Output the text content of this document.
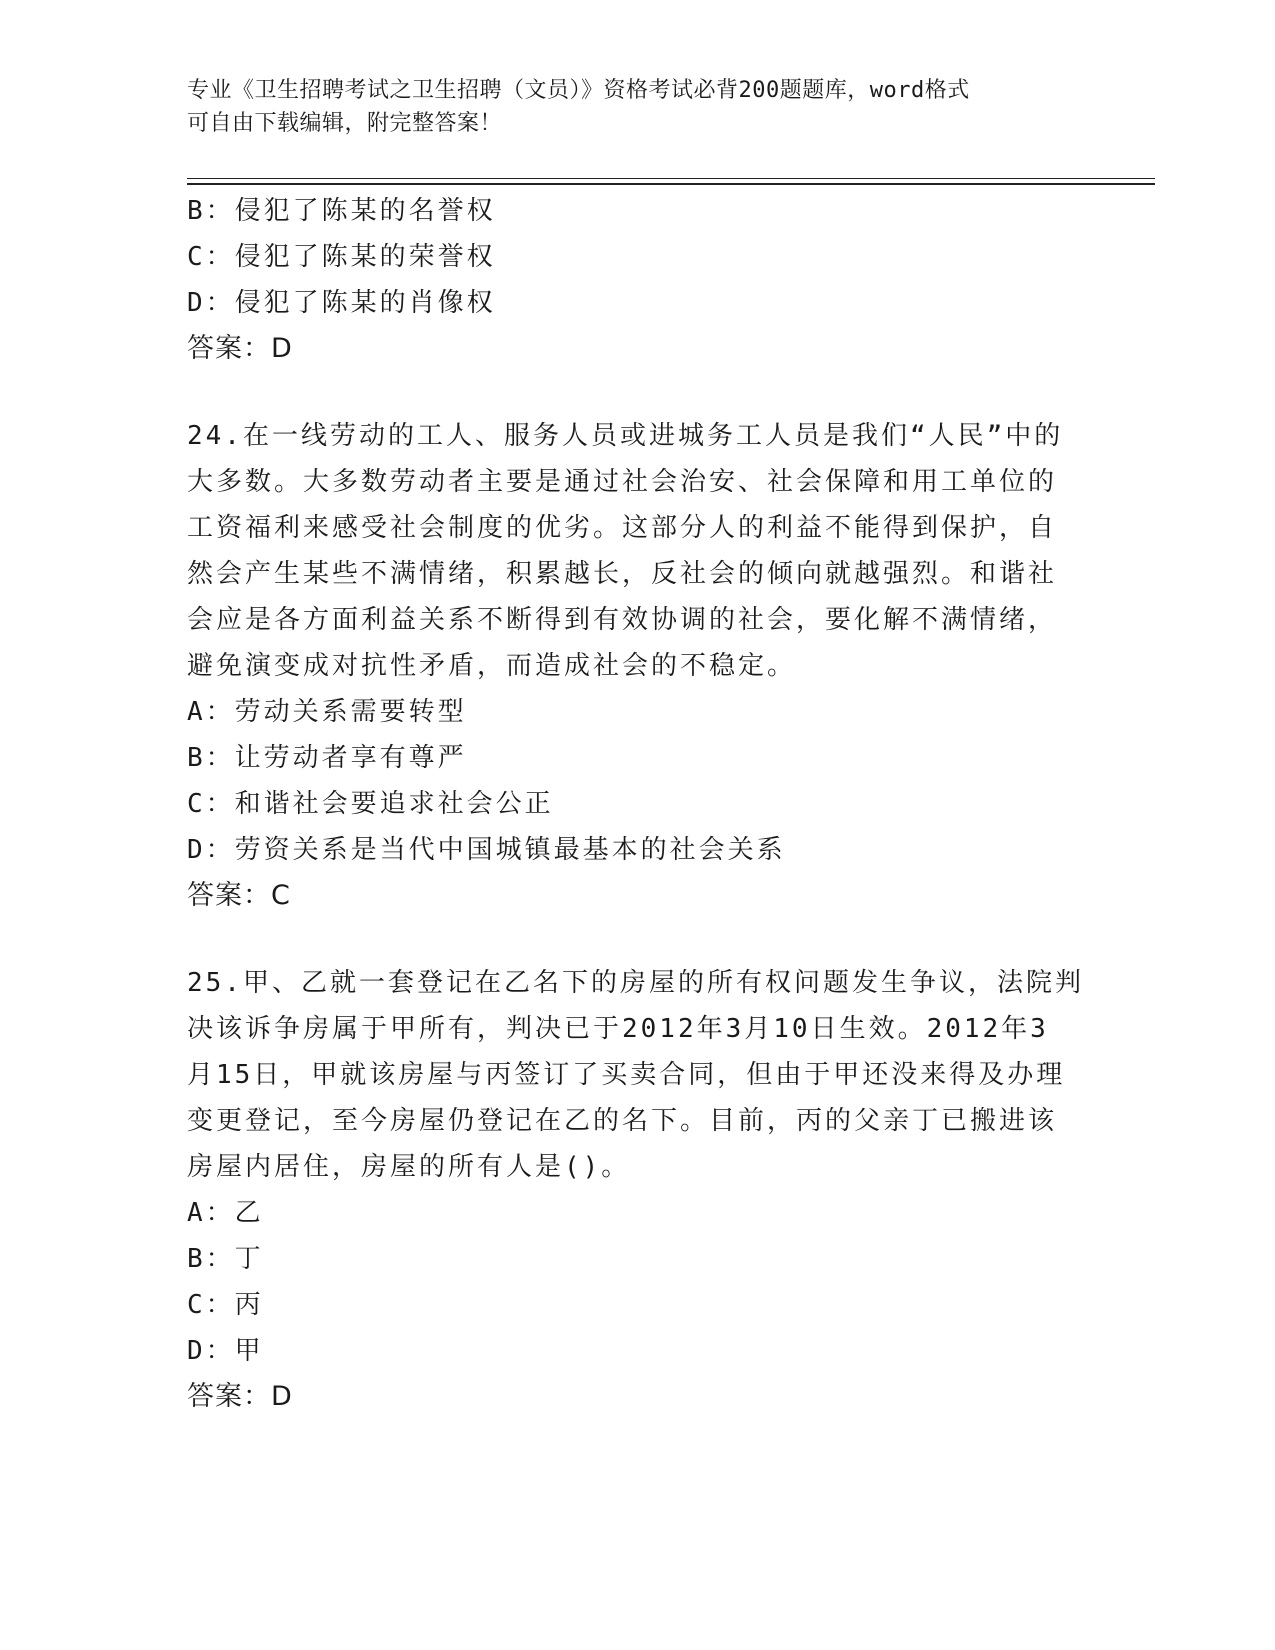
专业《卫生招聘考试之卫生招聘（文员）》资格考试必背200题题库，word格式
可自由下载编辑，附完整答案！
B：侵犯了陈某的名誉权
C：侵犯了陈某的荣誉权
D：侵犯了陈某的肖像权
答案：D
24.在一线劳动的工人、服务人员或进城务工人员是我们“人民”中的
大多数。大多数劳动者主要是通过社会治安、社会保障和用工单位的
工资福利来感受社会制度的优劣。这部分人的利益不能得到保护，自
然会产生某些不满情绪，积累越长，反社会的倾向就越强烈。和谐社
会应是各方面利益关系不断得到有效协调的社会，要化解不满情绪，
避免演变成对抗性矛盾，而造成社会的不稳定。
A：劳动关系需要转型
B：让劳动者享有尊严
C：和谐社会要追求社会公正
D：劳资关系是当代中国城镇最基本的社会关系
答案：C
25.甲、乙就一套登记在乙名下的房屋的所有权问题发生争议，法院判
决该诉争房属于甲所有，判决已于2012年3月10日生效。2012年3
月15日，甲就该房屋与丙签订了买卖合同，但由于甲还没来得及办理
变更登记，至今房屋仍登记在乙的名下。目前，丙的父亲丁已搬进该
房屋内居住，房屋的所有人是()。
A：乙
B：丁
C：丙
D：甲
答案：D
